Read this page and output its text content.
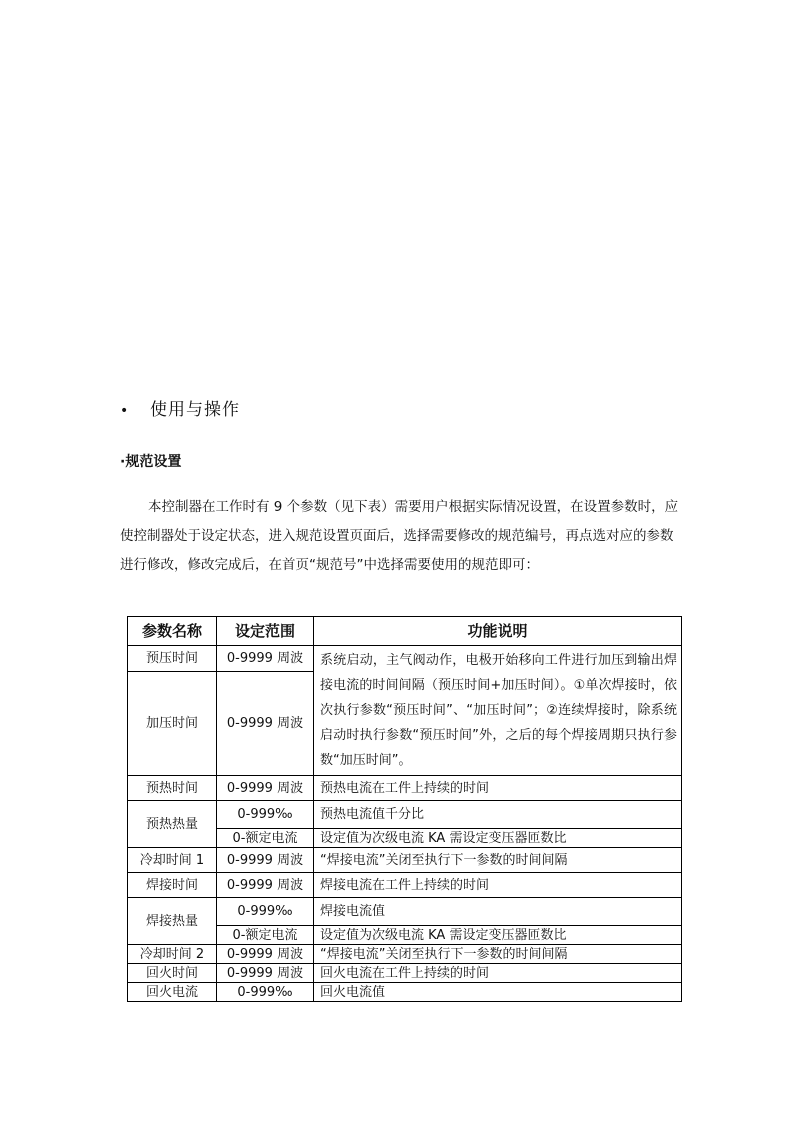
• 使用与操作
·规范设置

本控制器在工作时有 9 个参数（见下表）需要用户根据实际情况设置，在设置参数时，应使控制器处于设定状态，进入规范设置页面后，选择需要修改的规范编号，再点选对应的参数进行修改，修改完成后，在首页“规范号”中选择需要使用的规范即可：

参数名称	设定范围	功能说明
预压时间	0-9999 周波	系统启动，主气阀动作，电极开始移向工件进行加压到输出焊接电流的时间间隔（预压时间+加压时间）。①单次焊接时，依次执行参数“预压时间”、“加压时间”；②连续焊接时，除系统启动时执行参数“预压时间”外，之后的每个焊接周期只执行参数“加压时间”。
加压时间	0-9999 周波	
预热时间	0-9999 周波	预热电流在工件上持续的时间
预热热量	0-999‰	预热电流值千分比
	0-额定电流	设定值为次级电流 KA 需设定变压器匝数比
冷却时间 1	0-9999 周波	“焊接电流”关闭至执行下一参数的时间间隔
焊接时间	0-9999 周波	焊接电流在工件上持续的时间
焊接热量	0-999‰	焊接电流值
	0-额定电流	设定值为次级电流 KA 需设定变压器匝数比
冷却时间 2	0-9999 周波	“焊接电流”关闭至执行下一参数的时间间隔
回火时间	0-9999 周波	回火电流在工件上持续的时间
回火电流	0-999‰	回火电流值
